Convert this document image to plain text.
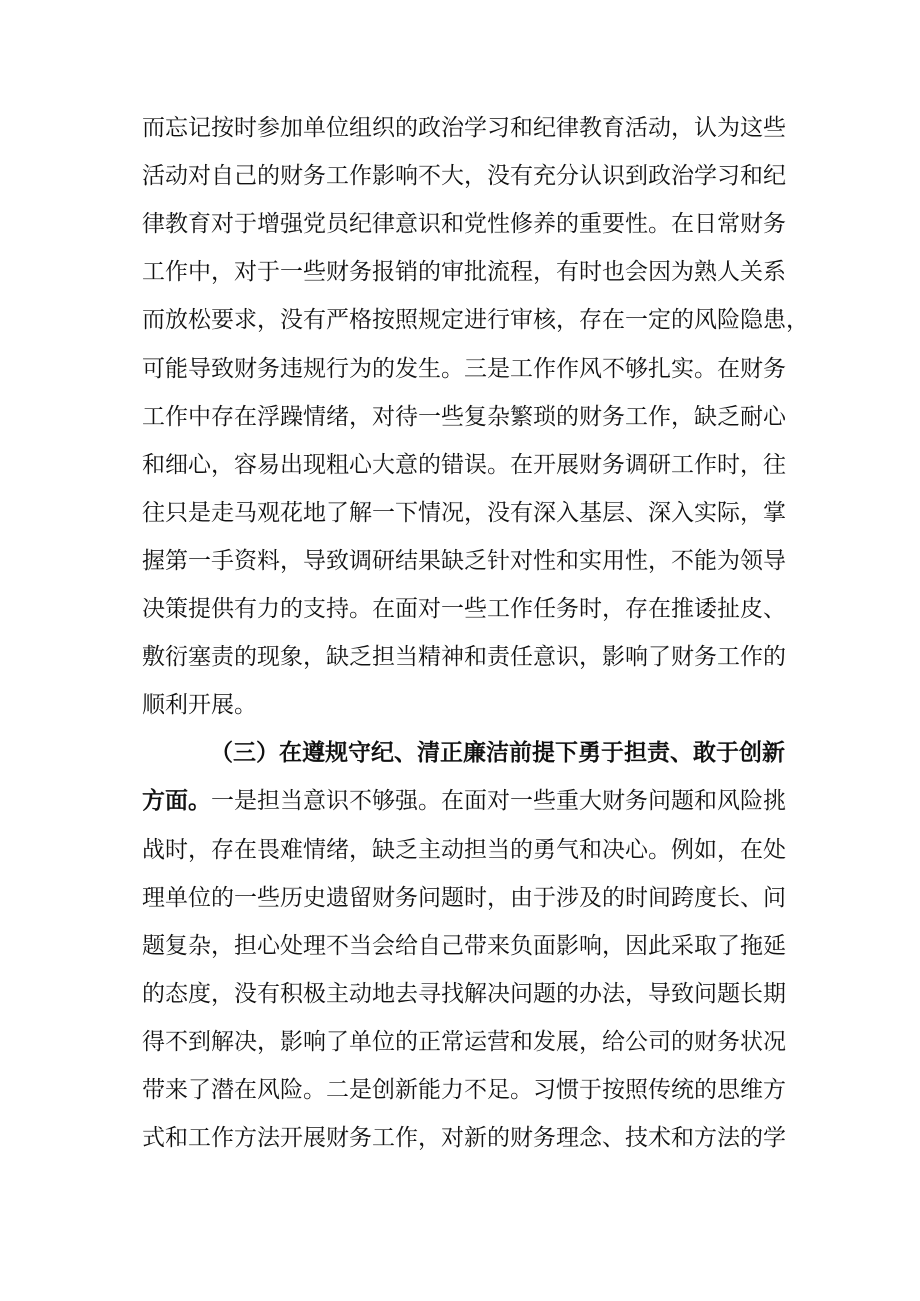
而忘记按时参加单位组织的政治学习和纪律教育活动，认为这些
活动对自己的财务工作影响不大，没有充分认识到政治学习和纪
律教育对于增强党员纪律意识和党性修养的重要性。在日常财务
工作中，对于一些财务报销的审批流程，有时也会因为熟人关系
而放松要求，没有严格按照规定进行审核，存在一定的风险隐患，
可能导致财务违规行为的发生。三是工作作风不够扎实。在财务
工作中存在浮躁情绪，对待一些复杂繁琐的财务工作，缺乏耐心
和细心，容易出现粗心大意的错误。在开展财务调研工作时，往
往只是走马观花地了解一下情况，没有深入基层、深入实际，掌
握第一手资料，导致调研结果缺乏针对性和实用性，不能为领导
决策提供有力的支持。在面对一些工作任务时，存在推诿扯皮、
敷衍塞责的现象，缺乏担当精神和责任意识，影响了财务工作的
顺利开展。
（三）在遵规守纪、清正廉洁前提下勇于担责、敢于创新
方面。一是担当意识不够强。在面对一些重大财务问题和风险挑
战时，存在畏难情绪，缺乏主动担当的勇气和决心。例如，在处
理单位的一些历史遗留财务问题时，由于涉及的时间跨度长、问
题复杂，担心处理不当会给自己带来负面影响，因此采取了拖延
的态度，没有积极主动地去寻找解决问题的办法，导致问题长期
得不到解决，影响了单位的正常运营和发展，给公司的财务状况
带来了潜在风险。二是创新能力不足。习惯于按照传统的思维方
式和工作方法开展财务工作，对新的财务理念、技术和方法的学
